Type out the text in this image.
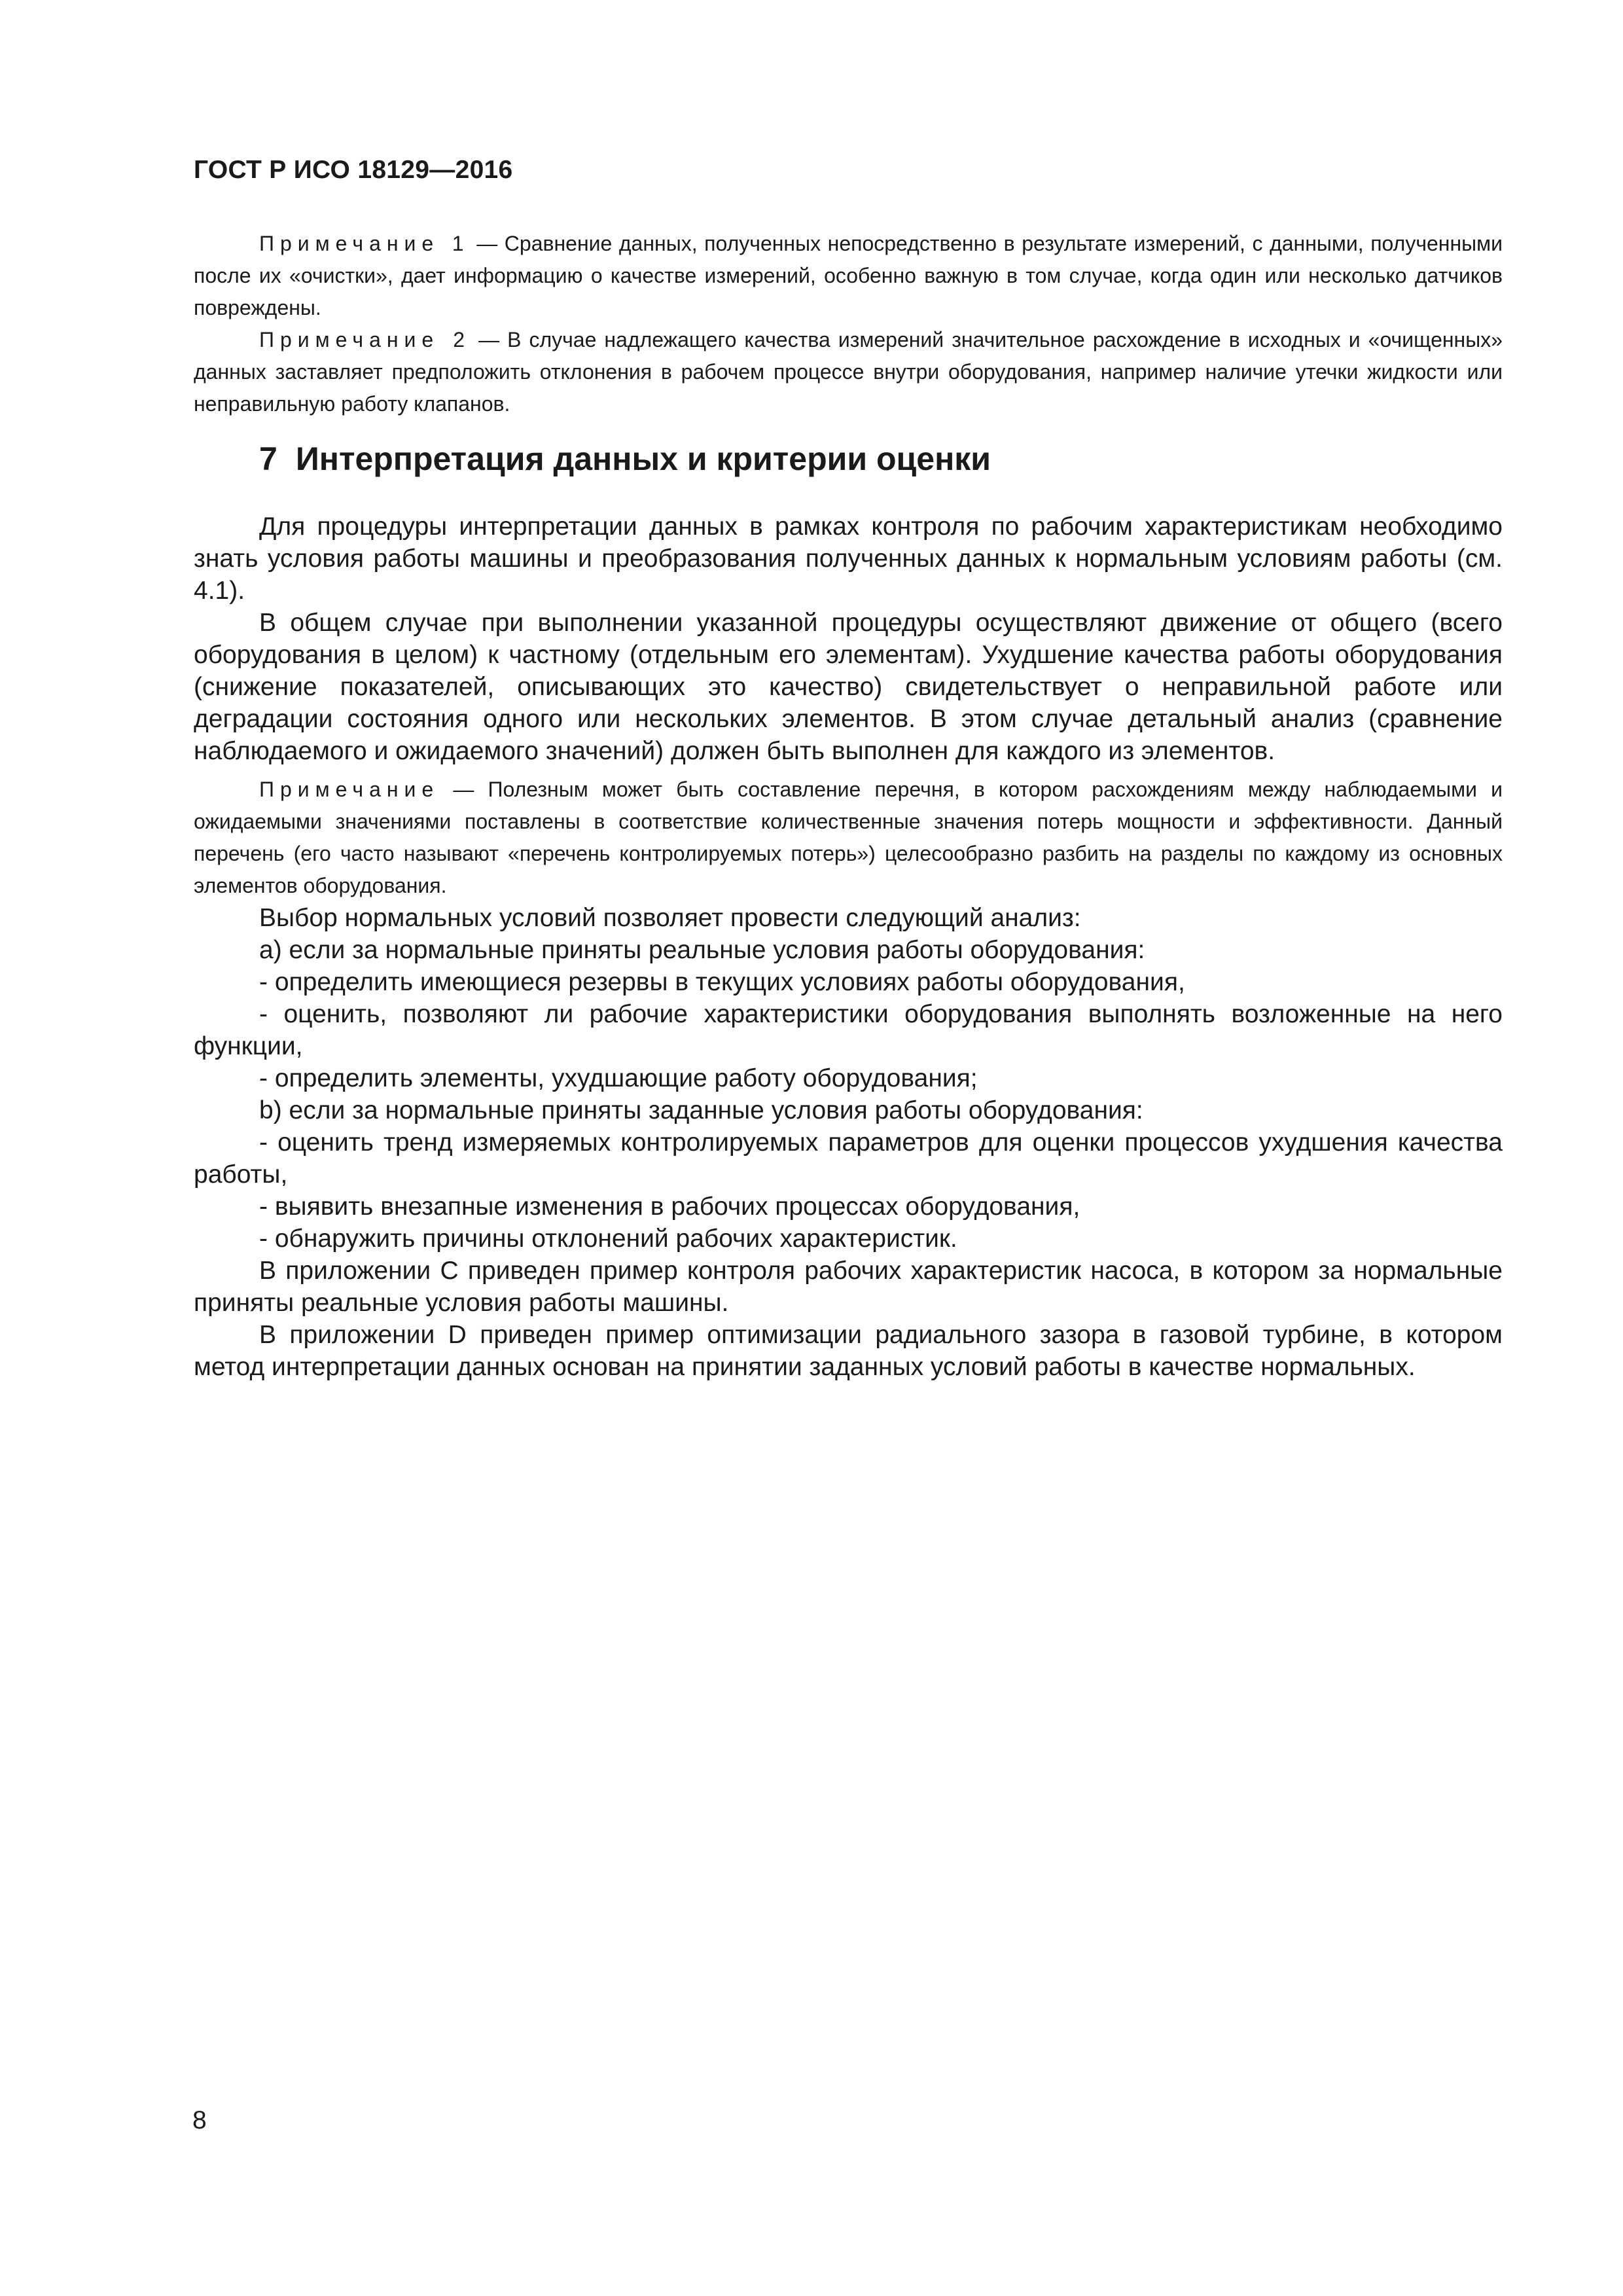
ГОСТ Р ИСО 18129—2016

Примечание 1 — Сравнение данных, полученных непосредственно в результате измерений, с данными, полученными после их «очистки», дает информацию о качестве измерений, особенно важную в том случае, когда один или несколько датчиков повреждены.

Примечание 2 — В случае надлежащего качества измерений значительное расхождение в исходных и «очищенных» данных заставляет предположить отклонения в рабочем процессе внутри оборудования, например наличие утечки жидкости или неправильную работу клапанов.

7 Интерпретация данных и критерии оценки

Для процедуры интерпретации данных в рамках контроля по рабочим характеристикам необходимо знать условия работы машины и преобразования полученных данных к нормальным условиям работы (см. 4.1).

В общем случае при выполнении указанной процедуры осуществляют движение от общего (всего оборудования в целом) к частному (отдельным его элементам). Ухудшение качества работы оборудования (снижение показателей, описывающих это качество) свидетельствует о неправильной работе или деградации состояния одного или нескольких элементов. В этом случае детальный анализ (сравнение наблюдаемого и ожидаемого значений) должен быть выполнен для каждого из элементов.

Примечание — Полезным может быть составление перечня, в котором расхождениям между наблюдаемыми и ожидаемыми значениями поставлены в соответствие количественные значения потерь мощности и эффективности. Данный перечень (его часто называют «перечень контролируемых потерь») целесообразно разбить на разделы по каждому из основных элементов оборудования.

Выбор нормальных условий позволяет провести следующий анализ:

a) если за нормальные приняты реальные условия работы оборудования:

- определить имеющиеся резервы в текущих условиях работы оборудования,

- оценить, позволяют ли рабочие характеристики оборудования выполнять возложенные на него функции,

- определить элементы, ухудшающие работу оборудования;

b) если за нормальные приняты заданные условия работы оборудования:

- оценить тренд измеряемых контролируемых параметров для оценки процессов ухудшения качества работы,

- выявить внезапные изменения в рабочих процессах оборудования,

- обнаружить причины отклонений рабочих характеристик.

В приложении С приведен пример контроля рабочих характеристик насоса, в котором за нормальные приняты реальные условия работы машины.

В приложении D приведен пример оптимизации радиального зазора в газовой турбине, в котором метод интерпретации данных основан на принятии заданных условий работы в качестве нормальных.

8
